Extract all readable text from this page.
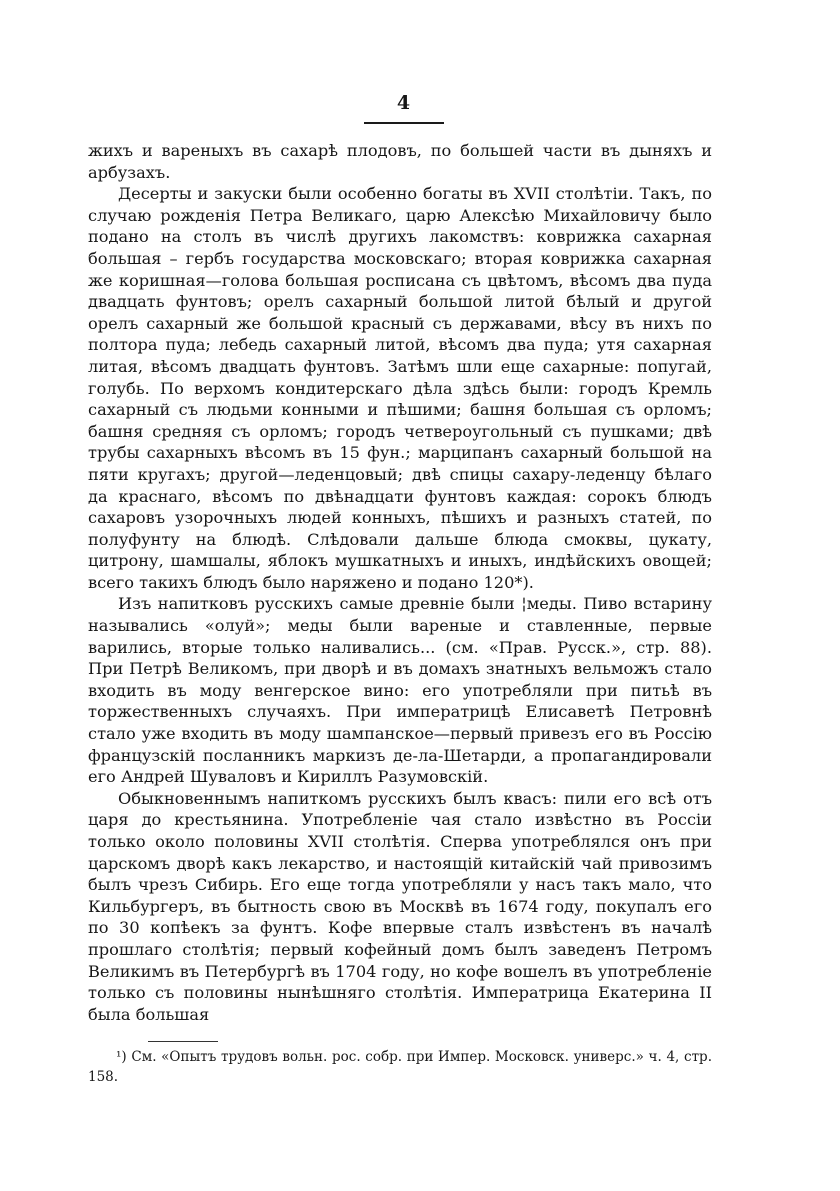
4

жихъ и вареныхъ въ сахарѣ плодовъ, по большей части въ дыняхъ и арбузахъ.

Десерты и закуски были особенно богаты въ XVII столѣтіи. Такъ, по случаю рожденія Петра Великаго, царю Алексѣю Михайловичу было подано на столъ въ числѣ другихъ лакомствъ: коврижка сахарная большая – гербъ государства московскаго; вторая коврижка сахарная же коришная—голова большая росписана съ цвѣтомъ, вѣсомъ два пуда двадцать фунтовъ; орелъ сахарный большой литой бѣлый и другой орелъ сахарный же большой красный съ державами, вѣсу въ нихъ по полтора пуда; лебедь сахарный литой, вѣсомъ два пуда; утя сахарная литая, вѣсомъ двадцать фунтовъ. Затѣмъ шли еще сахарные: попугай, голубь. По верхомъ кондитерскаго дѣла здѣсь были: городъ Кремль сахарный съ людьми конными и пѣшими; башня большая съ орломъ; башня средняя съ орломъ; городъ четвероугольный съ пушками; двѣ трубы сахарныхъ вѣсомъ въ 15 фун.; марципанъ сахарный большой на пяти кругахъ; другой—леденцовый; двѣ спицы сахару-леденцу бѣлаго да краснаго, вѣсомъ по двѣнадцати фунтовъ каждая: сорокъ блюдъ сахаровъ узорочныхъ людей конныхъ, пѣшихъ и разныхъ статей, по полуфунту на блюдѣ. Слѣдовали дальше блюда смоквы, цукату, цитрону, шамшалы, яблокъ мушкатныхъ и иныхъ, индѣйскихъ овощей; всего такихъ блюдъ было наряжено и подано 120*).

Изъ напитковъ русскихъ самые древніе были ¦меды. Пиво встарину назывались «олуй»; меды были вареные и ставленные, первые варились, вторые только наливались... (см. «Прав. Русск.», стр. 88). При Петрѣ Великомъ, при дворѣ и въ домахъ знатныхъ вельможъ стало входить въ моду венгерское вино: его употребляли при питьѣ въ торжественныхъ случаяхъ. При императрицѣ Елисаветѣ Петровнѣ стало уже входить въ моду шампанское—первый привезъ его въ Россію французскій посланникъ маркизъ де-ла-Шетарди, а пропагандировали его Андрей Шуваловъ и Кириллъ Разумовскій.

Обыкновеннымъ напиткомъ русскихъ былъ квасъ: пили его всѣ отъ царя до крестьянина. Употребленіе чая стало извѣстно въ Россіи только около половины XVII столѣтія. Сперва употреблялся онъ при царскомъ дворѣ какъ лекарство, и настоящій китайскій чай привозимъ былъ чрезъ Сибирь. Его еще тогда употребляли у насъ такъ мало, что Кильбургеръ, въ бытность свою въ Москвѣ въ 1674 году, покупалъ его по 30 копѣекъ за фунтъ. Кофе впервые сталъ извѣстенъ въ началѣ прошлаго столѣтія; первый кофейный домъ былъ заведенъ Петромъ Великимъ въ Петербургѣ въ 1704 году, но кофе вошелъ въ употребленіе только съ половины нынѣшняго столѣтія. Императрица Екатерина II была большая

¹) См. «Опытъ трудовъ вольн. рос. собр. при Импер. Московск. универс.» ч. 4, стр. 158.
